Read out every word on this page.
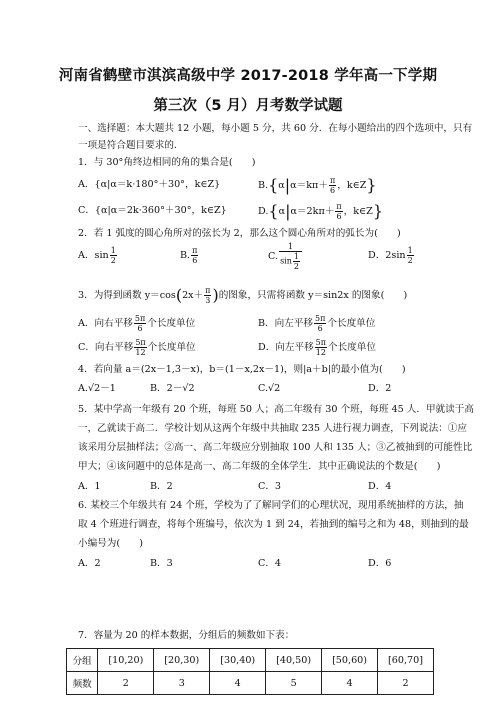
河南省鹤壁市淇滨高级中学 2017-2018 学年高一下学期
第三次（5 月）月考数学试题
一、选择题：本大题共 12 小题，每小题 5 分，共 60 分．在每小题给出的四个选项中，只有
一项是符合题目要求的.
1．与 30°角终边相同的角的集合是(　　)
A．{α|α＝k·180°＋30°，k∈Z}	$B.\{\alpha|\alpha=k\pi+ \frac{\pi}{6}$ ，k∈Z}
C．{α|α＝2k·360°＋30°，k∈Z}	$D.\{\alpha|\alpha=2k\pi+ \frac{\pi}{6}$ ，k∈Z}
2．若 1 弧度的圆心角所对的弦长为 2，那么这个圆心角所对的弧长为(　　)
A．$\sin \frac{1}{2}$	B. $\frac{\pi}{6}$	C. $\frac{1}{\sin \frac{1}{2}}$	D．$2\sin \frac{1}{2}$
3．为得到函数 $y=\cos(2x+ \frac{\pi}{3}$ )的图象，只需将函数 y＝sin2x 的图象(　　)
A．向右平移 $\frac{5\pi}{6}$ 个长度单位	B．向左平移 $\frac{5\pi}{6}$ 个长度单位
C．向右平移 $\frac{5\pi}{12}$ 个长度单位	D．向左平移 $\frac{5\pi}{12}$ 个长度单位
4．若向量 a＝(2x－1,3－x)，b＝(1－x,2x－1)，则|a＋b|的最小值为(　　)
A.√2－1	B．2－√2	C.√2	D．2
5．某中学高一年级有 20 个班，每班 50 人；高二年级有 30 个班，每班 45 人．甲就读于高
一，乙就读于高二．学校计划从这两个年级中共抽取 235 人进行视力调查，下列说法：①应
该采用分层抽样法；②高一、高二年级应分别抽取 100 人和 135 人；③乙被抽到的可能性比
甲大；④该问题中的总体是高一、高二年级的全体学生．其中正确说法的个数是(　　)
A．1	B．2	C．3	D．4
6. 某校三个年级共有 24 个班，学校为了了解同学们的心理状况，现用系统抽样的方法，抽
取 4 个班进行调查，将每个班编号，依次为 1 到 24，若抽到的编号之和为 48，则抽到的最
小编号为(　　)
A．2	B．3	C．4	D．6
7．容量为 20 的样本数据，分组后的频数如下表：
分组	[10,20)	[20,30)	[30,40)	[40,50)	[50,60)	[60,70]
频数	2	3	4	5	4	2
